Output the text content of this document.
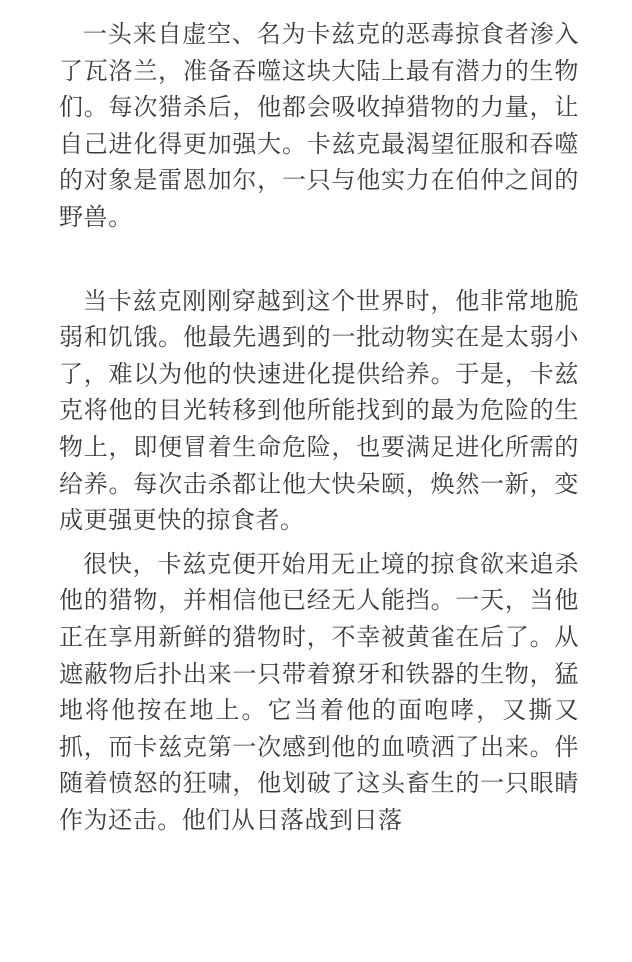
一头来自虚空、名为卡兹克的恶毒掠食者渗入了瓦洛兰，准备吞噬这块大陆上最有潜力的生物们。每次猎杀后，他都会吸收掉猎物的力量，让自己进化得更加强大。卡兹克最渴望征服和吞噬的对象是雷恩加尔，一只与他实力在伯仲之间的野兽。

当卡兹克刚刚穿越到这个世界时，他非常地脆弱和饥饿。他最先遇到的一批动物实在是太弱小了，难以为他的快速进化提供给养。于是，卡兹克将他的目光转移到他所能找到的最为危险的生物上，即便冒着生命危险，也要满足进化所需的给养。每次击杀都让他大快朵颐，焕然一新，变成更强更快的掠食者。

很快，卡兹克便开始用无止境的掠食欲来追杀他的猎物，并相信他已经无人能挡。一天，当他正在享用新鲜的猎物时，不幸被黄雀在后了。从遮蔽物后扑出来一只带着獠牙和铁器的生物，猛地将他按在地上。它当着他的面咆哮，又撕又抓，而卡兹克第一次感到他的血喷洒了出来。伴随着愤怒的狂啸，他划破了这头畜生的一只眼睛作为还击。他们从日落战到日落
